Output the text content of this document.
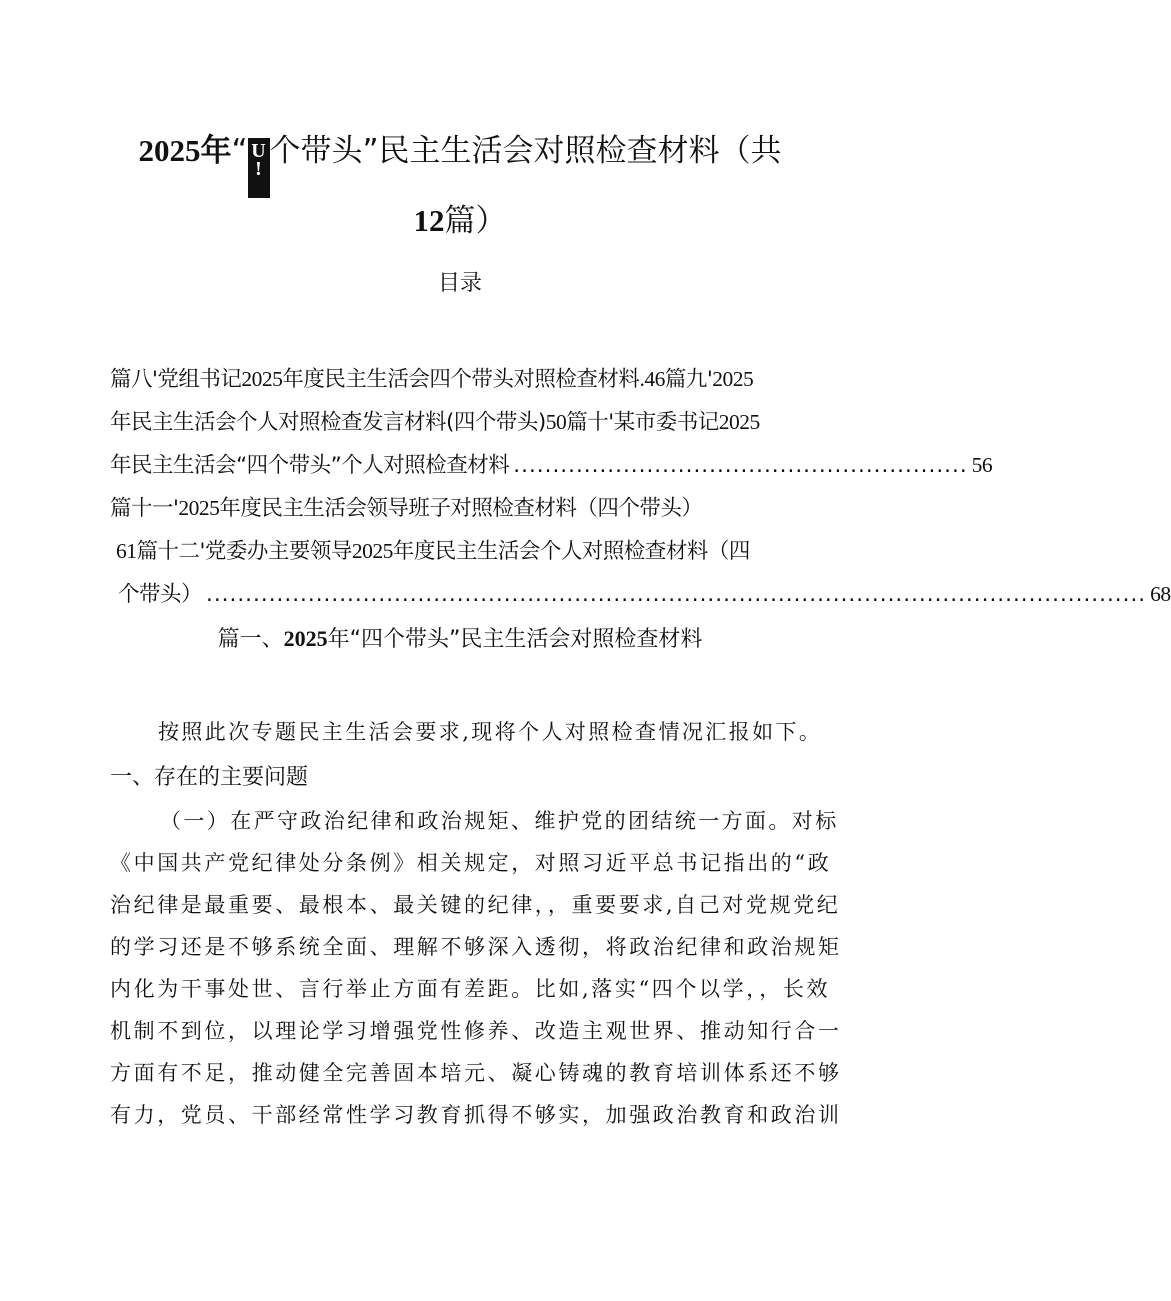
2025年“ U
! 个带头”民主生活会对照检查材料（共
12篇）
目录
篇八'党组书记2025年度民主生活会四个带头对照检查材料.46篇九'2025
年民主生活会个人对照检查发言材料(四个带头)50篇十'某市委书记2025
年民主生活会“四个带头”个人对照检查材料 .......................................................... 56
篇十一'2025年度民主生活会领导班子对照检查材料（四个带头）
61篇十二'党委办主要领导2025年度民主生活会个人对照检查材料（四
个带头） ........................................................................................................................ 68
篇一、2025年“四个带头”民主生活会对照检查材料
按照此次专题民主生活会要求,现将个人对照检查情况汇报如下。
一、存在的主要问题
（一）在严守政治纪律和政治规矩、维护党的团结统一方面。对标
《中国共产党纪律处分条例》相关规定，对照习近平总书记指出的“政
治纪律是最重要、最根本、最关键的纪律，，重要要求,自己对党规党纪
的学习还是不够系统全面、理解不够深入透彻，将政治纪律和政治规矩
内化为干事处世、言行举止方面有差距。比如,落实“四个以学，，长效
机制不到位，以理论学习增强党性修养、改造主观世界、推动知行合一
方面有不足，推动健全完善固本培元、凝心铸魂的教育培训体系还不够
有力，党员、干部经常性学习教育抓得不够实，加强政治教育和政治训
